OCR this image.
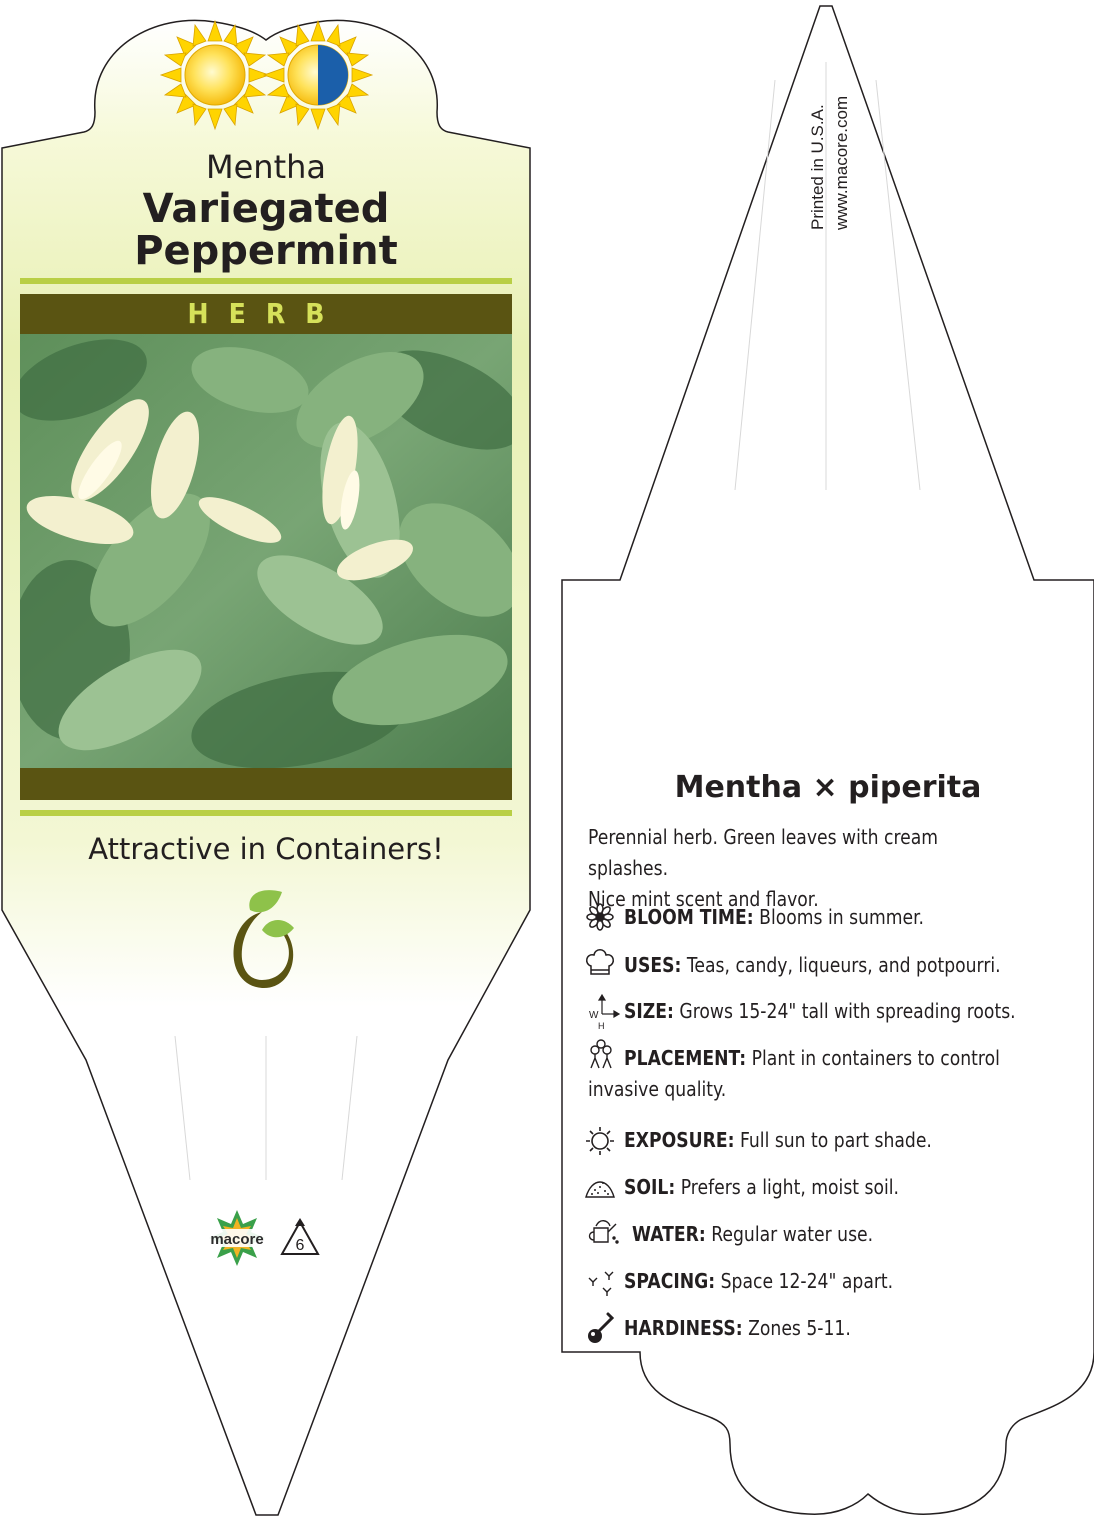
macore 6
W
H
Mentha
Variegated
Peppermint
HERB
Attractive in Containers!
Printed in U.S.A. www.macore.com
Mentha × piperita
Perennial herb. Green leaves with cream splashes.
Nice mint scent and flavor.
BLOOM TIME: Blooms in summer.
USES: Teas, candy, liqueurs, and potpourri.
SIZE: Grows 15-24" tall with spreading roots.
PLACEMENT: Plant in containers to control
invasive quality.
EXPOSURE: Full sun to part shade.
SOIL: Prefers a light, moist soil.
WATER: Regular water use.
SPACING: Space 12-24" apart.
HARDINESS: Zones 5-11.
